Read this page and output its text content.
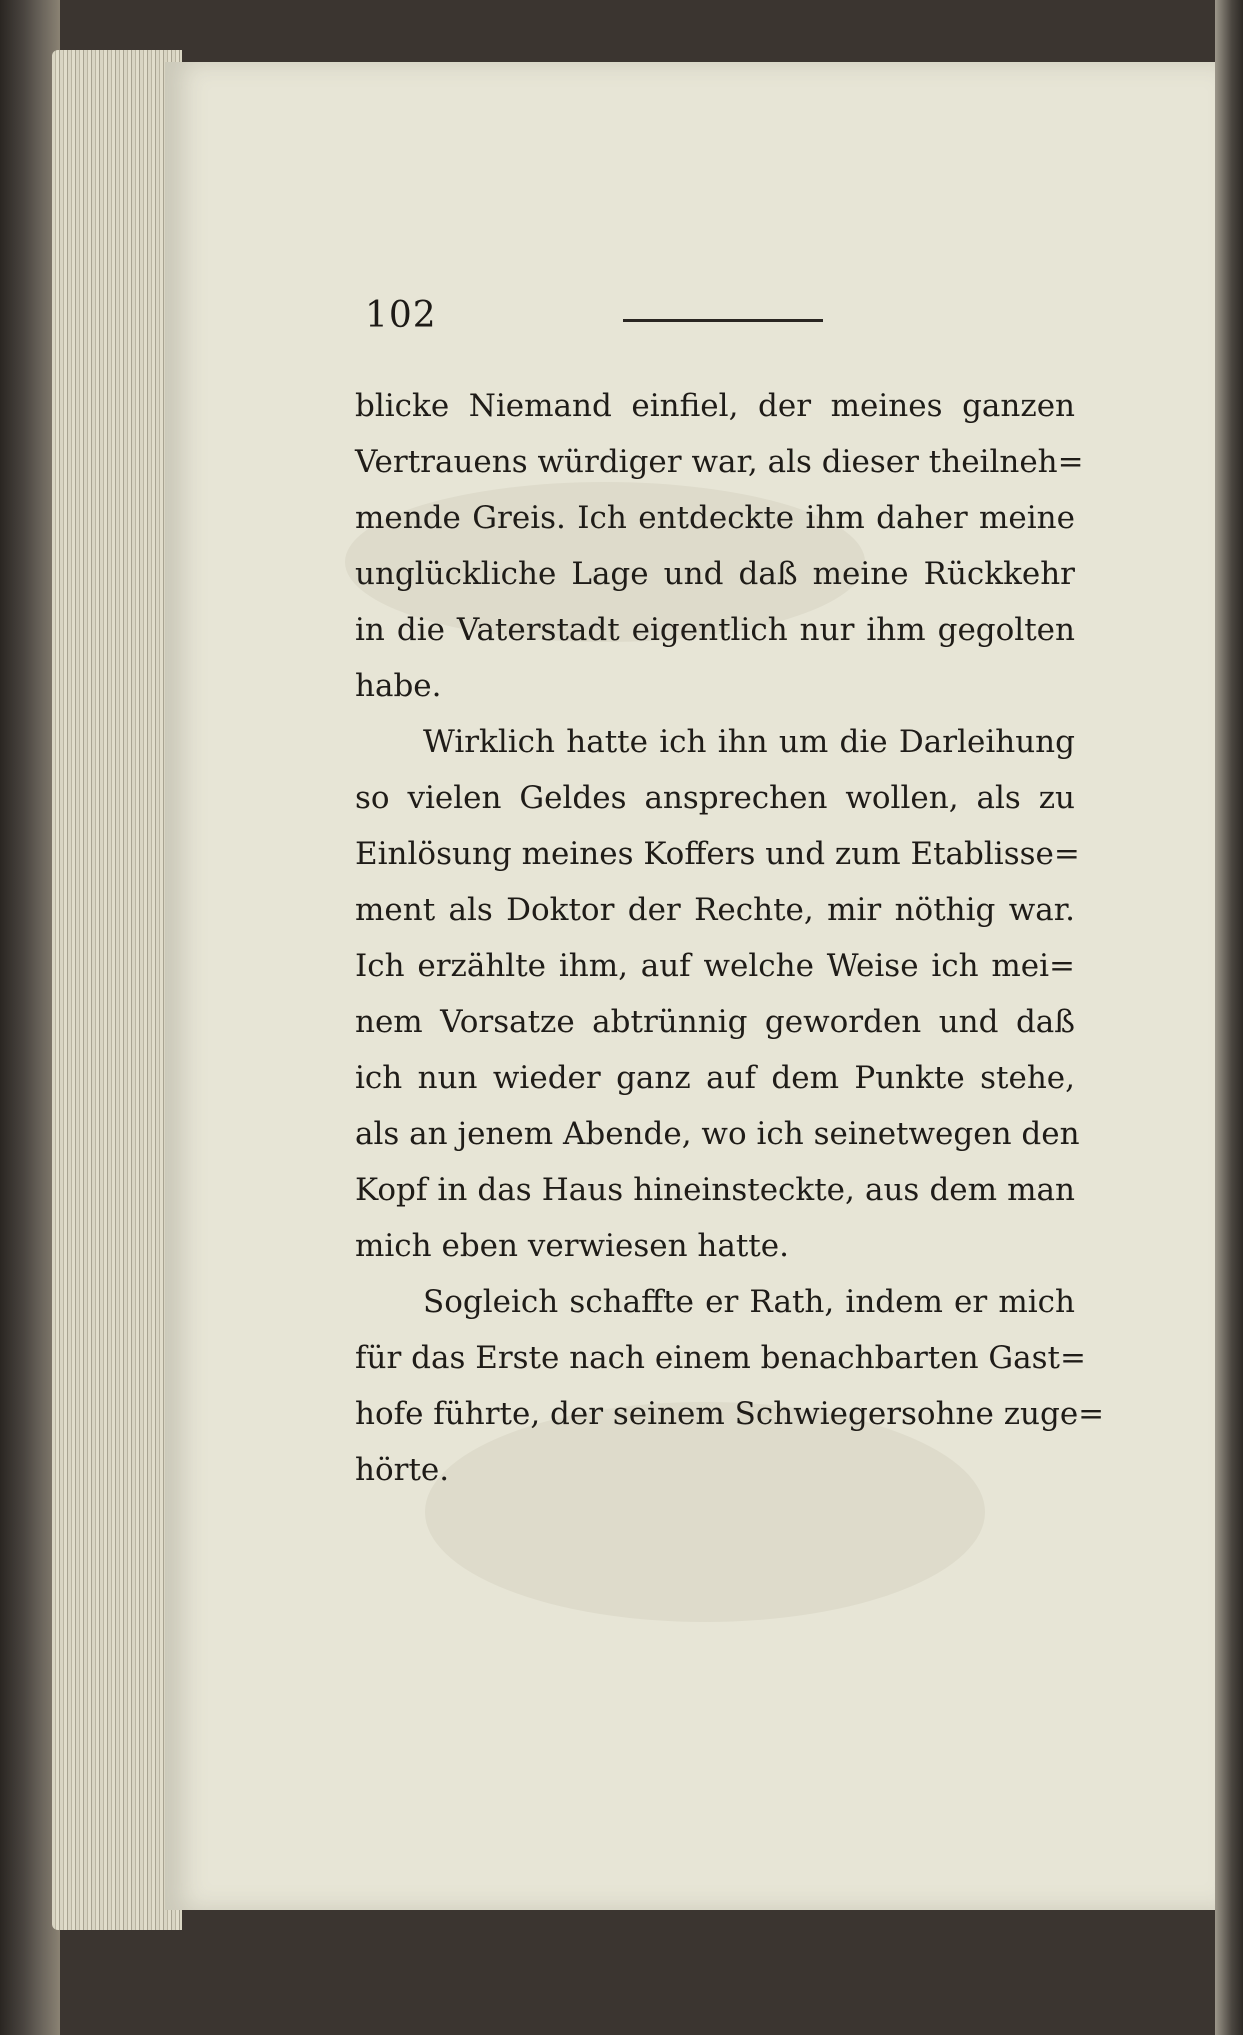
102
blicke Niemand einfiel, der meines ganzen
Vertrauens würdiger war, als dieser theilneh=
mende Greis. Ich entdeckte ihm daher meine
unglückliche Lage und daß meine Rückkehr
in die Vaterstadt eigentlich nur ihm gegolten
habe.
Wirklich hatte ich ihn um die Darleihung
so vielen Geldes ansprechen wollen, als zu
Einlösung meines Koffers und zum Etablisse=
ment als Doktor der Rechte, mir nöthig war.
Ich erzählte ihm, auf welche Weise ich mei=
nem Vorsatze abtrünnig geworden und daß
ich nun wieder ganz auf dem Punkte stehe,
als an jenem Abende, wo ich seinetwegen den
Kopf in das Haus hineinsteckte, aus dem man
mich eben verwiesen hatte.
Sogleich schaffte er Rath, indem er mich
für das Erste nach einem benachbarten Gast=
hofe führte, der seinem Schwiegersohne zuge=
hörte.
